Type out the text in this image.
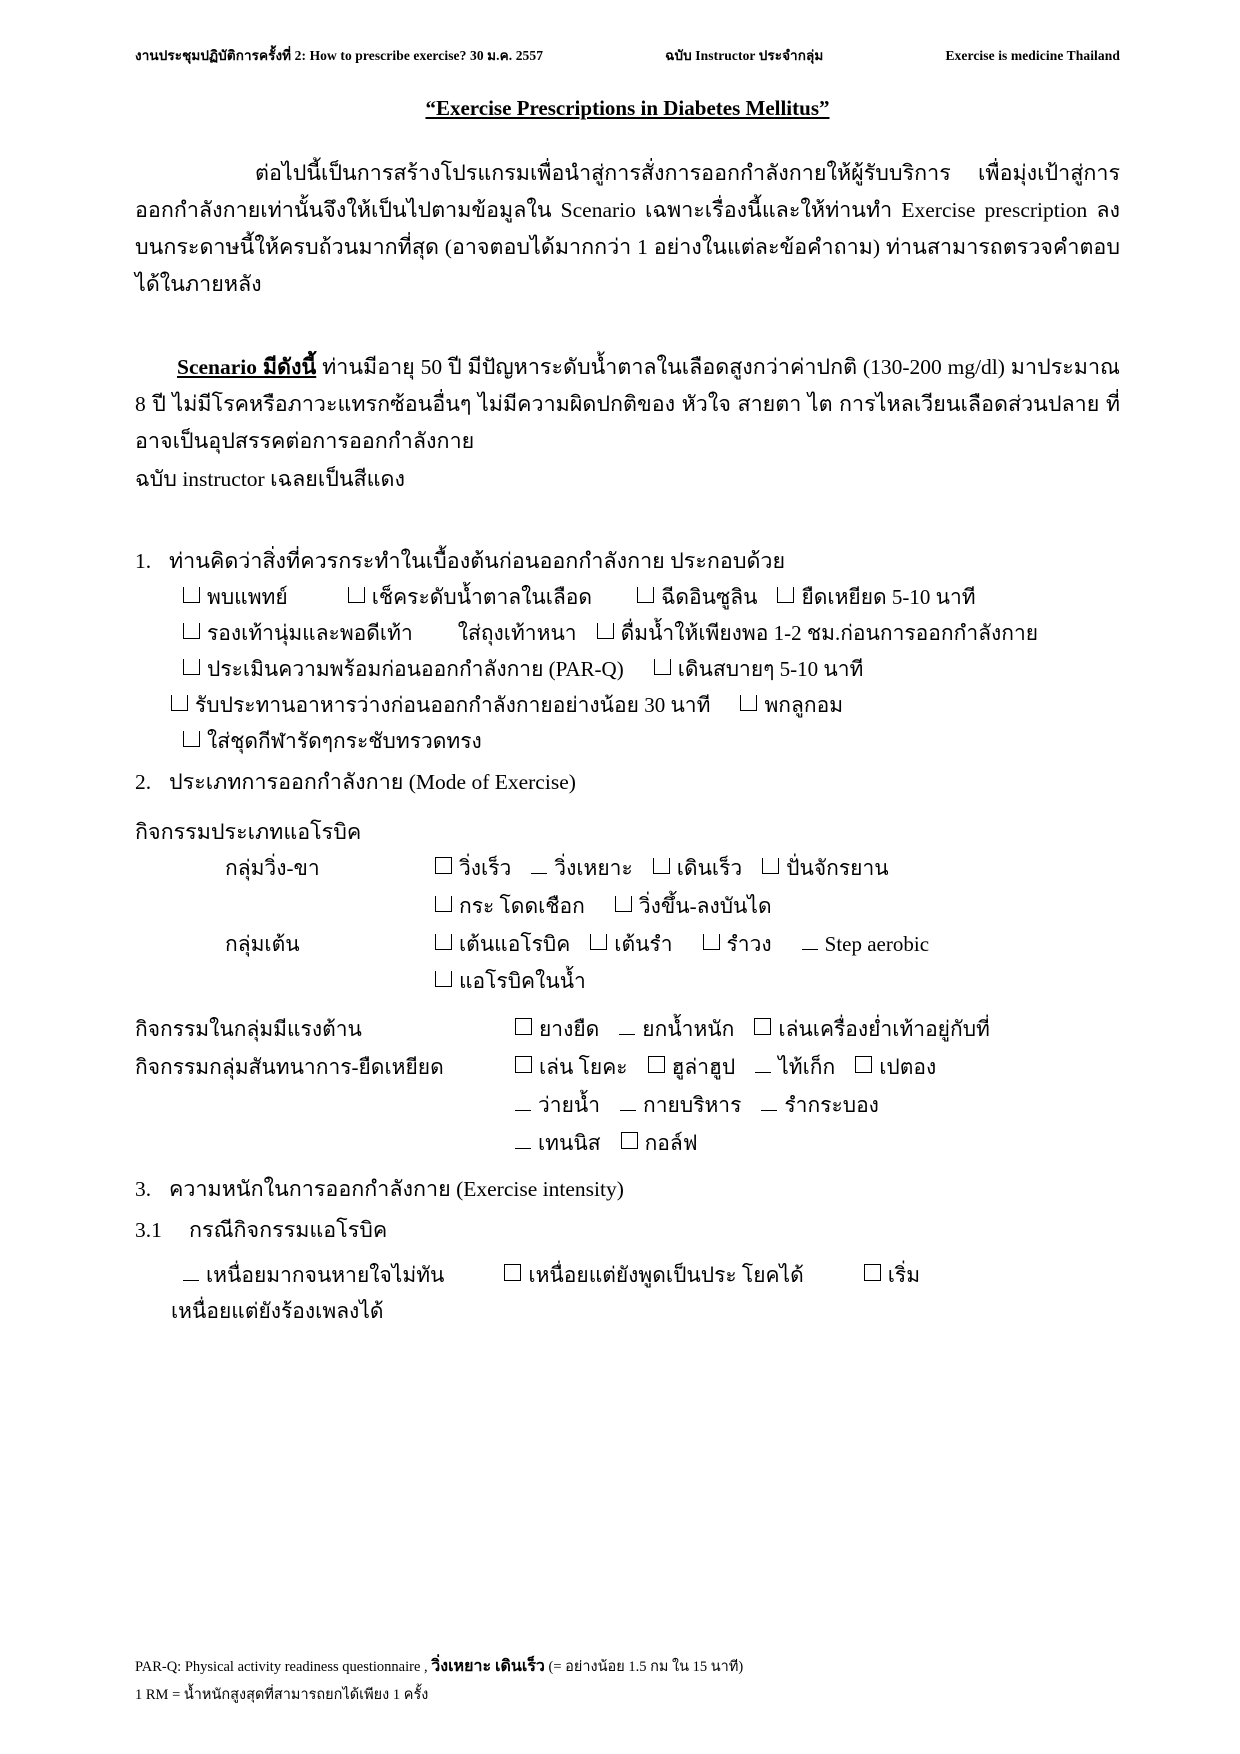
งานประชุมปฏิบัติการครั้งที่ 2: How to prescribe exercise? 30 ม.ค. 2557	ฉบับ Instructor ประจำกลุ่ม	Exercise is medicine Thailand
“Exercise Prescriptions in Diabetes Mellitus”

ต่อไปนี้เป็นการสร้างโปรแกรมเพื่อนำสู่การสั่งการออกกำลังกายให้ผู้รับบริการ เพื่อมุ่งเป้าสู่การออกกำลังกายเท่านั้นจึงให้เป็นไปตามข้อมูลใน Scenario เฉพาะเรื่องนี้และให้ท่านทำ Exercise prescription ลงบนกระดาษนี้ให้ครบถ้วนมากที่สุด (อาจตอบได้มากกว่า 1 อย่างในแต่ละข้อคำถาม) ท่านสามารถตรวจคำตอบได้ในภายหลัง

Scenario มีดังนี้ ท่านมีอายุ 50 ปี มีปัญหาระดับน้ำตาลในเลือดสูงกว่าค่าปกติ (130-200 mg/dl) มาประมาณ 8 ปี ไม่มีโรคหรือภาวะแทรกซ้อนอื่นๆ ไม่มีความผิดปกติของ หัวใจ สายตา ไต การไหลเวียนเลือดส่วนปลาย ที่อาจเป็นอุปสรรคต่อการออกกำลังกาย
ฉบับ instructor เฉลยเป็นสีแดง
1. ท่านคิดว่าสิ่งที่ควรกระทำในเบื้องต้นก่อนออกกำลังกาย ประกอบด้วย
พบแพทย์	เช็คระดับน้ำตาลในเลือด	ฉีดอินซูลิน ยืดเหยียด 5-10 นาที
รองเท้านุ่มและพอดีเท้า ใส่ถุงเท้าหนา ดื่มน้ำให้เพียงพอ 1-2 ชม.ก่อนการออกกำลังกาย
ประเมินความพร้อมก่อนออกกำลังกาย (PAR-Q)	เดินสบายๆ 5-10 นาที
รับประทานอาหารว่างก่อนออกกำลังกายอย่างน้อย 30 นาที	พกลูกอม
ใส่ชุดกีฬารัดๆกระชับทรวดทรง
2. ประเภทการออกกำลังกาย (Mode of Exercise)
กิจกรรมประเภทแอโรบิค
กลุ่มวิ่ง-ขา	วิ่งเร็ว วิ่งเหยาะ เดินเร็ว ปั่นจักรยาน
กระ โดดเชือก	วิ่งขึ้น-ลงบันได
กลุ่มเต้น	เต้นแอโรบิค เต้นรำ	รำวง	Step aerobic
แอโรบิคในน้ำ
กิจกรรมในกลุ่มมีแรงต้าน	ยางยืด ยกน้ำหนัก เล่นเครื่องย่ำเท้าอยู่กับที่
กิจกรรมกลุ่มสันทนาการ-ยืดเหยียด	เล่น โยคะ ฮูล่าฮูป ไท้เก็ก เปตอง
ว่ายน้ำ กายบริหาร รำกระบอง
เทนนิส กอล์ฟ
3. ความหนักในการออกกำลังกาย (Exercise intensity)
3.1	กรณีกิจกรรมแอโรบิค
เหนื่อยมากจนหายใจไม่ทัน	เหนื่อยแต่ยังพูดเป็นประ โยคได้	เริ่ม
เหนื่อยแต่ยังร้องเพลงได้
PAR-Q: Physical activity readiness questionnaire , วิ่งเหยาะ เดินเร็ว (= อย่างน้อย 1.5 กม ใน 15 นาที)
1 RM = น้ำหนักสูงสุดที่สามารถยกได้เพียง 1 ครั้ง
